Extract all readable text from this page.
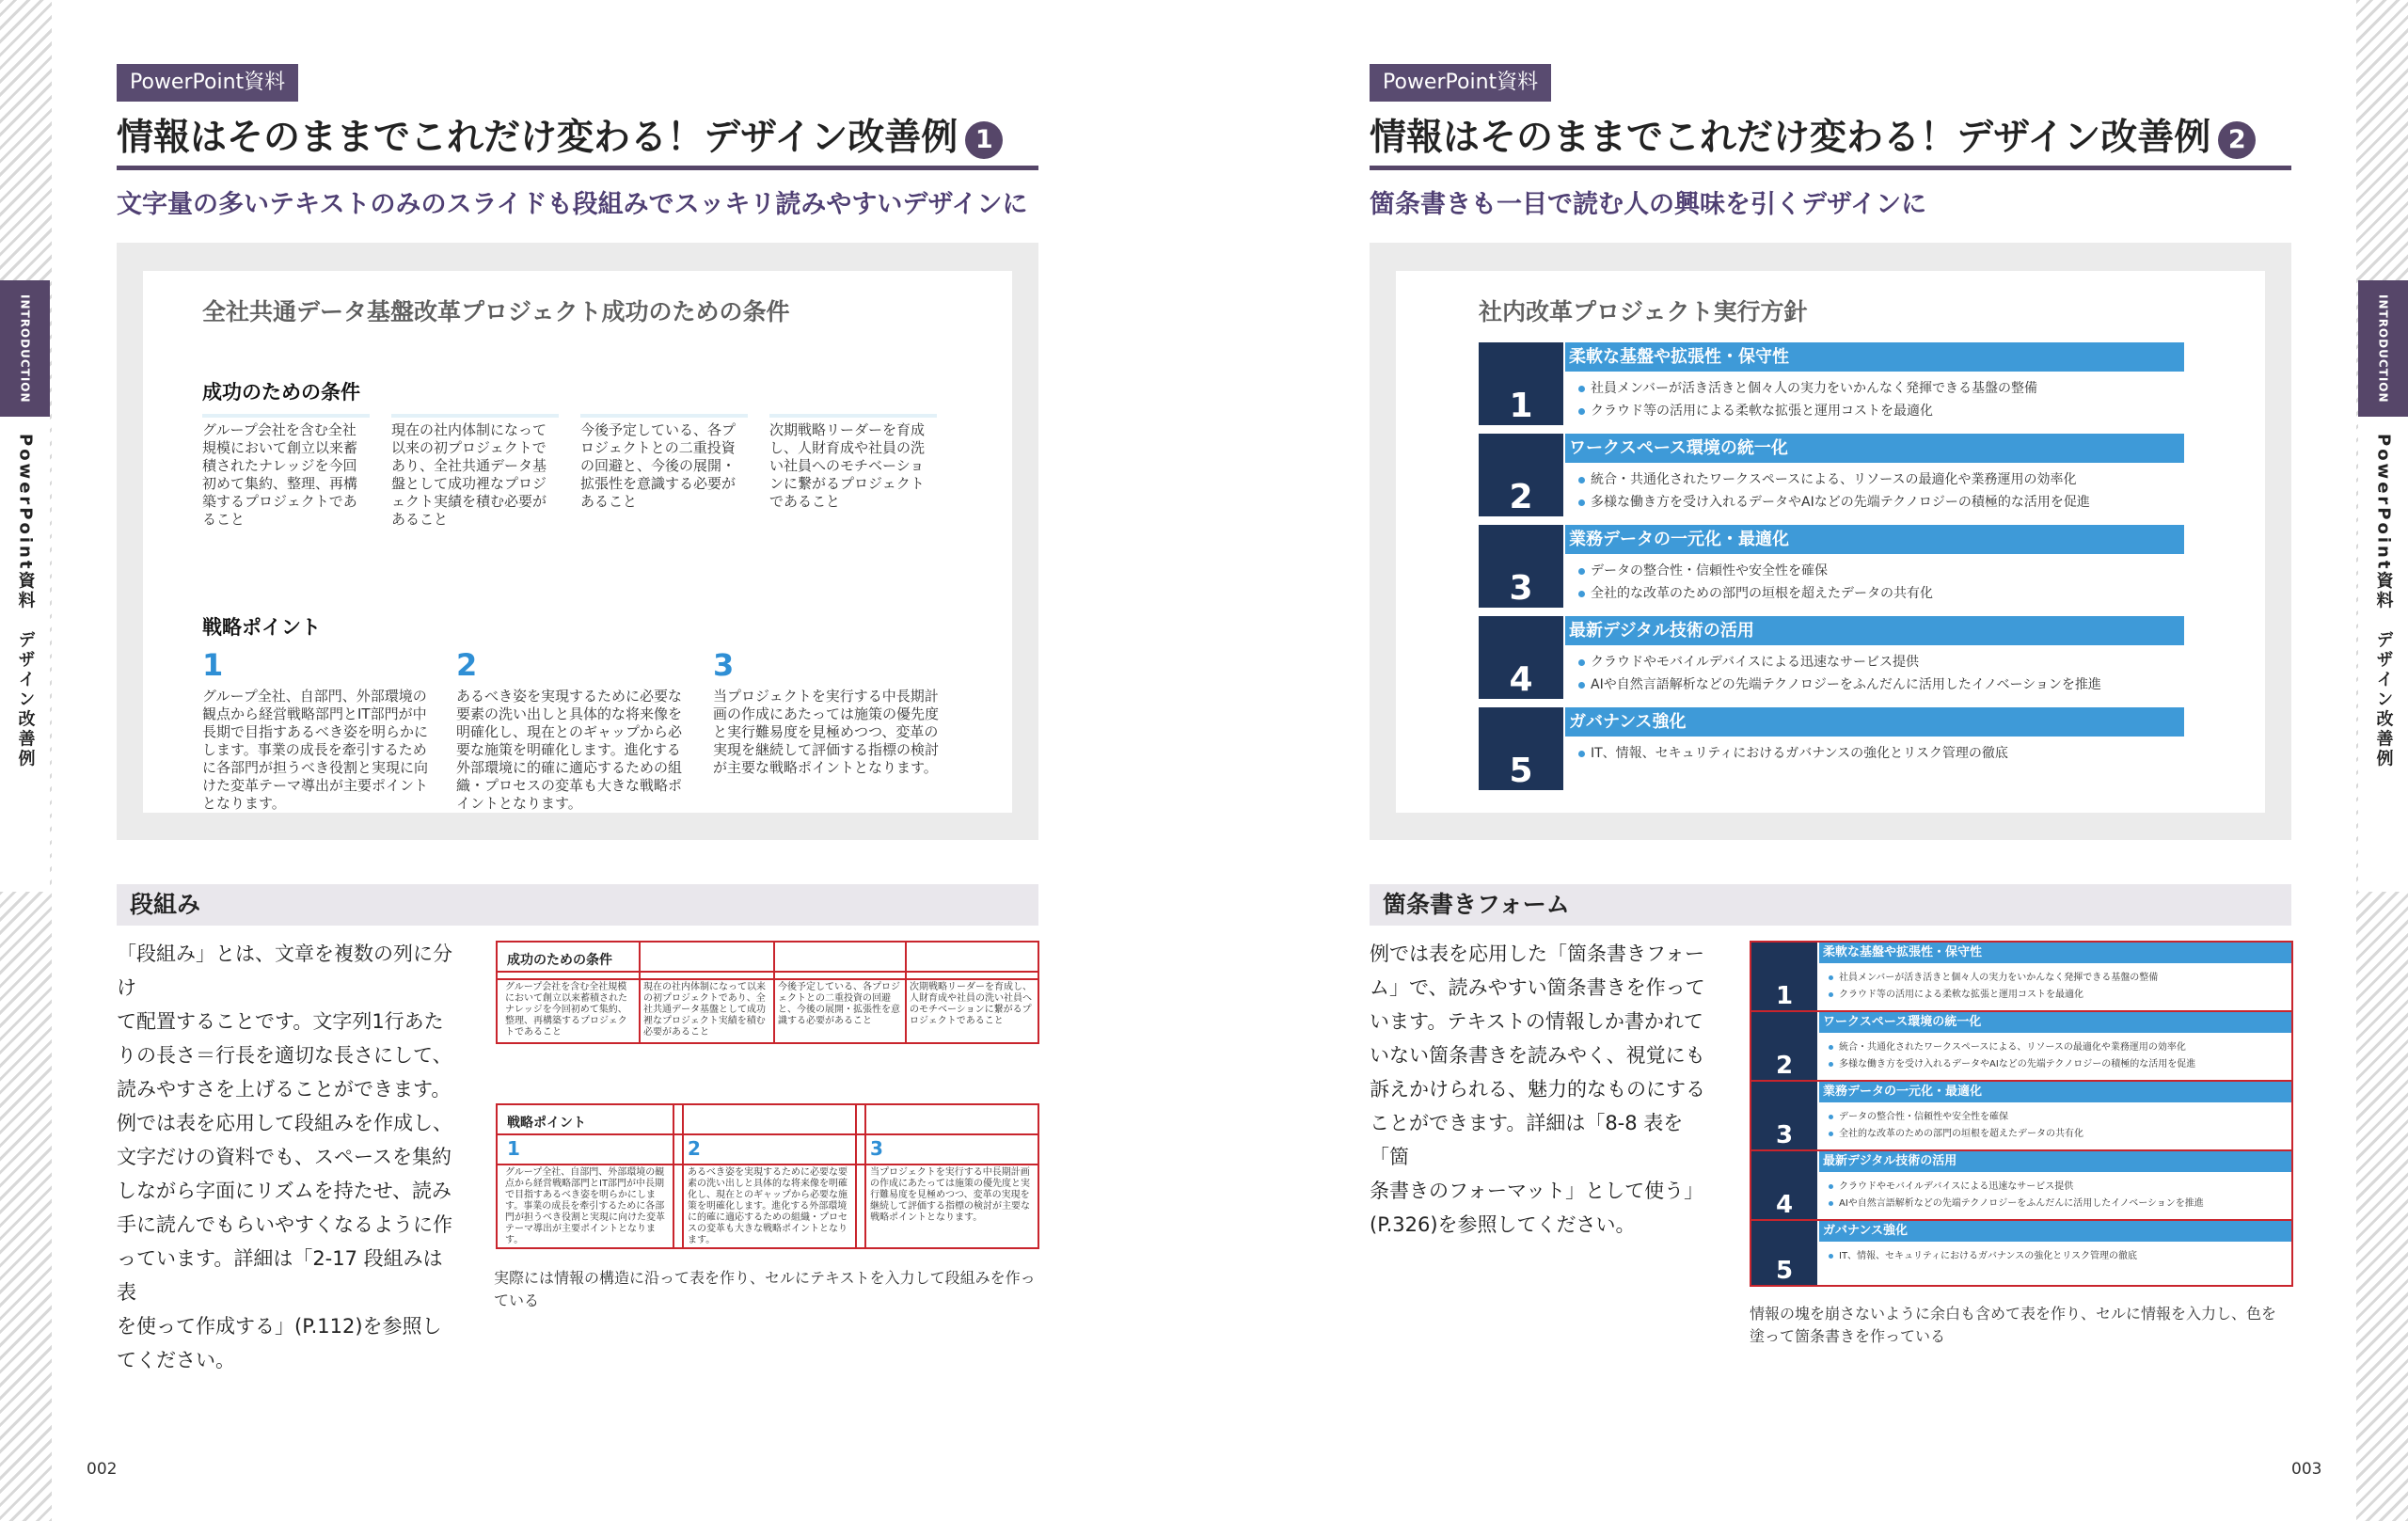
INTRODUCTION
PowerPoint資料　デザイン改善例
INTRODUCTION
PowerPoint資料　デザイン改善例
PowerPoint資料
情報はそのままでこれだけ変わる！デザイン改善例 1
文字量の多いテキストのみのスライドも段組みでスッキリ読みやすいデザインに
全社共通データ基盤改革プロジェクト成功のための条件
成功のための条件
グループ会社を含む全社規模において創立以来蓄積されたナレッジを今回初めて集約、整理、再構築するプロジェクトであること
現在の社内体制になって以来の初プロジェクトであり、全社共通データ基盤として成功裡なプロジェクト実績を積む必要があること
今後予定している、各プロジェクトとの二重投資の回避と、今後の展開・拡張性を意識する必要があること
次期戦略リーダーを育成し、人財育成や社員の洗い社員へのモチベーションに繋がるプロジェクトであること
戦略ポイント
1
グループ全社、自部門、外部環境の観点から経営戦略部門とIT部門が中長期で目指すあるべき姿を明らかにします。事業の成長を牽引するために各部門が担うべき役割と実現に向けた変革テーマ導出が主要ポイントとなります。
2
あるべき姿を実現するために必要な要素の洗い出しと具体的な将来像を明確化し、現在とのギャップから必要な施策を明確化します。進化する外部環境に的確に適応するための組織・プロセスの変革も大きな戦略ポイントとなります。
3
当プロジェクトを実行する中長期計画の作成にあたっては施策の優先度と実行難易度を見極めつつ、変革の実現を継続して評価する指標の検討が主要な戦略ポイントとなります。
段組み
「段組み」とは、文章を複数の列に分け
て配置することです。文字列1行あた
りの長さ＝行長を適切な長さにして、
読みやすさを上げることができます。
例では表を応用して段組みを作成し、
文字だけの資料でも、スペースを集約
しながら字面にリズムを持たせ、読み
手に読んでもらいやすくなるように作
っています。詳細は「2-17 段組みは表
を使って作成する」(P.112)を参照し
てください。
成功のための条件
グループ会社を含む全社規模において創立以来蓄積されたナレッジを今回初めて集約、整理、再構築するプロジェクトであること
現在の社内体制になって以来の初プロジェクトであり、全社共通データ基盤として成功裡なプロジェクト実績を積む必要があること
今後予定している、各プロジェクトとの二重投資の回避と、今後の展開・拡張性を意識する必要があること
次期戦略リーダーを育成し、人財育成や社員の洗い社員へのモチベーションに繋がるプロジェクトであること
戦略ポイント
1	2	3
グループ全社、自部門、外部環境の観点から経営戦略部門とIT部門が中長期で目指すあるべき姿を明らかにします。事業の成長を牽引するために各部門が担うべき役割と実現に向けた変革テーマ導出が主要ポイントとなります。
あるべき姿を実現するために必要な要素の洗い出しと具体的な将来像を明確化し、現在とのギャップから必要な施策を明確化します。進化する外部環境に的確に適応するための組織・プロセスの変革も大きな戦略ポイントとなります。
当プロジェクトを実行する中長期計画の作成にあたっては施策の優先度と実行難易度を見極めつつ、変革の実現を継続して評価する指標の検討が主要な戦略ポイントとなります。
実際には情報の構造に沿って表を作り、セルにテキストを入力して段組みを作っ
ている
002
PowerPoint資料
情報はそのままでこれだけ変わる！デザイン改善例 2
箇条書きも一目で読む人の興味を引くデザインに
社内改革プロジェクト実行方針
1
柔軟な基盤や拡張性・保守性
社員メンバーが活き活きと個々人の実力をいかんなく発揮できる基盤の整備
クラウド等の活用による柔軟な拡張と運用コストを最適化
2
ワークスペース環境の統一化
統合・共通化されたワークスペースによる、リソースの最適化や業務運用の効率化
多様な働き方を受け入れるデータやAIなどの先端テクノロジーの積極的な活用を促進
3
業務データの一元化・最適化
データの整合性・信頼性や安全性を確保
全社的な改革のための部門の垣根を超えたデータの共有化
4
最新デジタル技術の活用
クラウドやモバイルデバイスによる迅速なサービス提供
AIや自然言語解析などの先端テクノロジーをふんだんに活用したイノベーションを推進
5
ガバナンス強化
IT、情報、セキュリティにおけるガバナンスの強化とリスク管理の徹底
箇条書きフォーム
例では表を応用した「箇条書きフォー
ム」で、読みやすい箇条書きを作って
います。テキストの情報しか書かれて
いない箇条書きを読みやく、視覚にも
訴えかけられる、魅力的なものにする
ことができます。詳細は「8-8 表を「箇
条書きのフォーマット」として使う」
(P.326)を参照してください。
1
柔軟な基盤や拡張性・保守性
社員メンバーが活き活きと個々人の実力をいかんなく発揮できる基盤の整備
クラウド等の活用による柔軟な拡張と運用コストを最適化
2
ワークスペース環境の統一化
統合・共通化されたワークスペースによる、リソースの最適化や業務運用の効率化
多様な働き方を受け入れるデータやAIなどの先端テクノロジーの積極的な活用を促進
3
業務データの一元化・最適化
データの整合性・信頼性や安全性を確保
全社的な改革のための部門の垣根を超えたデータの共有化
4
最新デジタル技術の活用
クラウドやモバイルデバイスによる迅速なサービス提供
AIや自然言語解析などの先端テクノロジーをふんだんに活用したイノベーションを推進
5
ガバナンス強化
IT、情報、セキュリティにおけるガバナンスの強化とリスク管理の徹底
情報の塊を崩さないように余白も含めて表を作り、セルに情報を入力し、色を
塗って箇条書きを作っている
003
